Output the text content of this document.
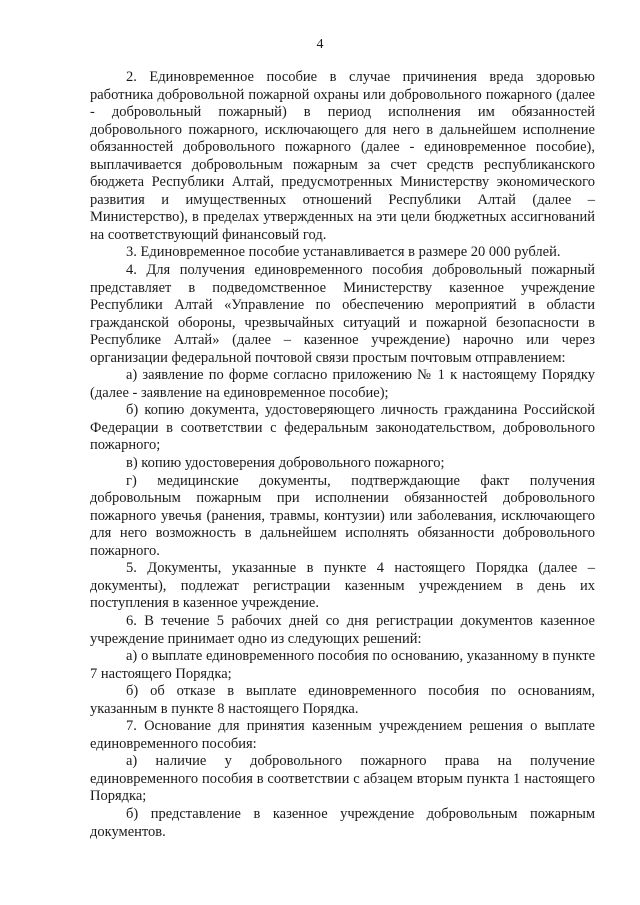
4

2. Единовременное пособие в случае причинения вреда здоровью работника добровольной пожарной охраны или добровольного пожарного (далее - добровольный пожарный) в период исполнения им обязанностей добровольного пожарного, исключающего для него в дальнейшем исполнение обязанностей добровольного пожарного (далее - единовременное пособие), выплачивается добровольным пожарным за счет средств республиканского бюджета Республики Алтай, предусмотренных Министерству экономического развития и имущественных отношений Республики Алтай (далее – Министерство), в пределах утвержденных на эти цели бюджетных ассигнований на соответствующий финансовый год.

3. Единовременное пособие устанавливается в размере 20 000 рублей.

4. Для получения единовременного пособия добровольный пожарный представляет в подведомственное Министерству казенное учреждение Республики Алтай «Управление по обеспечению мероприятий в области гражданской обороны, чрезвычайных ситуаций и пожарной безопасности в Республике Алтай» (далее – казенное учреждение) нарочно или через организации федеральной почтовой связи простым почтовым отправлением:

а) заявление по форме согласно приложению № 1 к настоящему Порядку (далее - заявление на единовременное пособие);

б) копию документа, удостоверяющего личность гражданина Российской Федерации в соответствии с федеральным законодательством, добровольного пожарного;

в) копию удостоверения добровольного пожарного;

г) медицинские документы, подтверждающие факт получения добровольным пожарным при исполнении обязанностей добровольного пожарного увечья (ранения, травмы, контузии) или заболевания, исключающего для него возможность в дальнейшем исполнять обязанности добровольного пожарного.

5. Документы, указанные в пункте 4 настоящего Порядка (далее – документы), подлежат регистрации казенным учреждением в день их поступления в казенное учреждение.

6. В течение 5 рабочих дней со дня регистрации документов казенное учреждение принимает одно из следующих решений:

а) о выплате единовременного пособия по основанию, указанному в пункте 7 настоящего Порядка;

б) об отказе в выплате единовременного пособия по основаниям, указанным в пункте 8 настоящего Порядка.

7. Основание для принятия казенным учреждением решения о выплате единовременного пособия:

а) наличие у добровольного пожарного права на получение единовременного пособия в соответствии с абзацем вторым пункта 1 настоящего Порядка;

б) представление в казенное учреждение добровольным пожарным документов.
